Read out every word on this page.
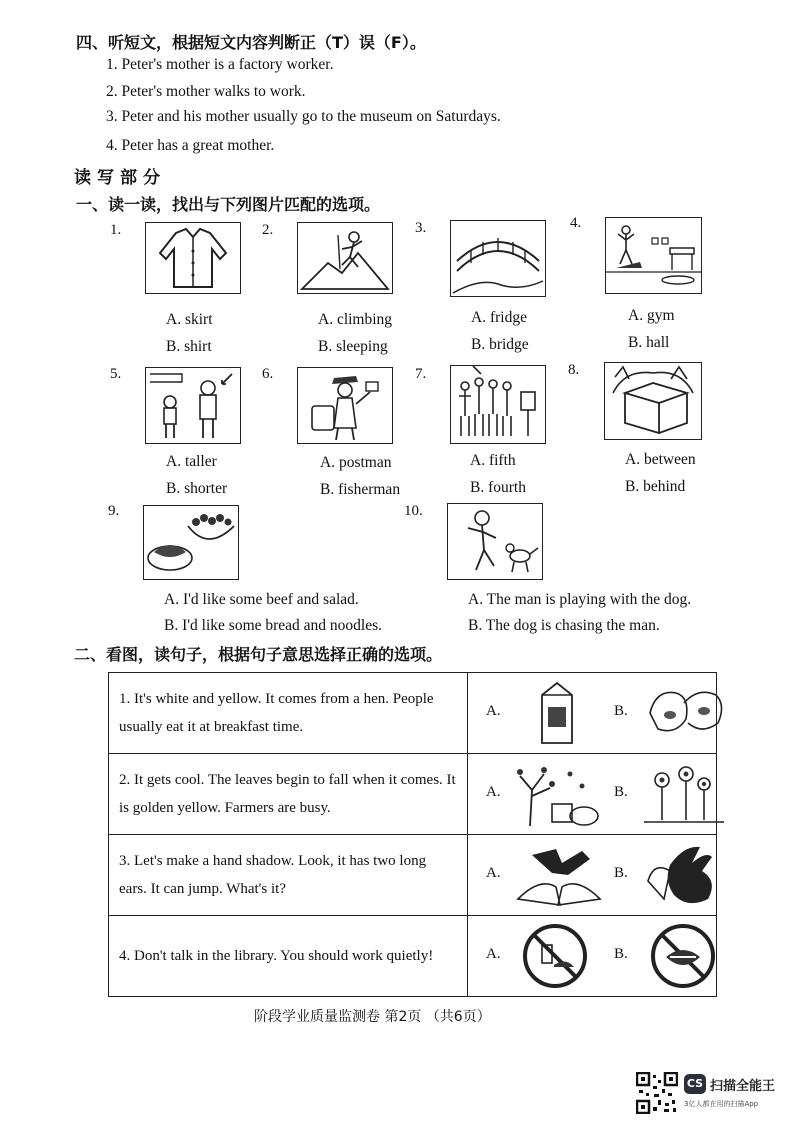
四、听短文，根据短文内容判断正（T）误（F）。
1. Peter's mother is a factory worker.
2. Peter's mother walks to work.
3. Peter and his mother usually go to the museum on Saturdays.
4. Peter has a great mother.
读写部分
一、读一读，找出与下列图片匹配的选项。
1.
A. skirt
B. shirt
2.
A. climbing
B. sleeping
3.
A. fridge
B. bridge
4.
A. gym
B. hall
5.
A. taller
B. shorter
6.
A. postman
B. fisherman
7.
A. fifth
B. fourth
8.
A. between
B. behind
9.
A. I'd like some beef and salad.
B. I'd like some bread and noodles.
10.
A. The man is playing with the dog.
B. The dog is chasing the man.
二、看图，读句子，根据句子意思选择正确的选项。
1. It's white and yellow. It comes from a hen. People usually eat it at breakfast time.	A. B.

2. It gets cool. The leaves begin to fall when it comes. It is golden yellow. Farmers are busy.	A. B.

3. Let's make a hand shadow. Look, it has two long ears. It can jump. What's it?	A. B.

4. Don't talk in the library. You should work quietly!	A. B.
阶段学业质量监测卷 第2页 （共6页）
CS 扫描全能王
3亿人都在用的扫描App
